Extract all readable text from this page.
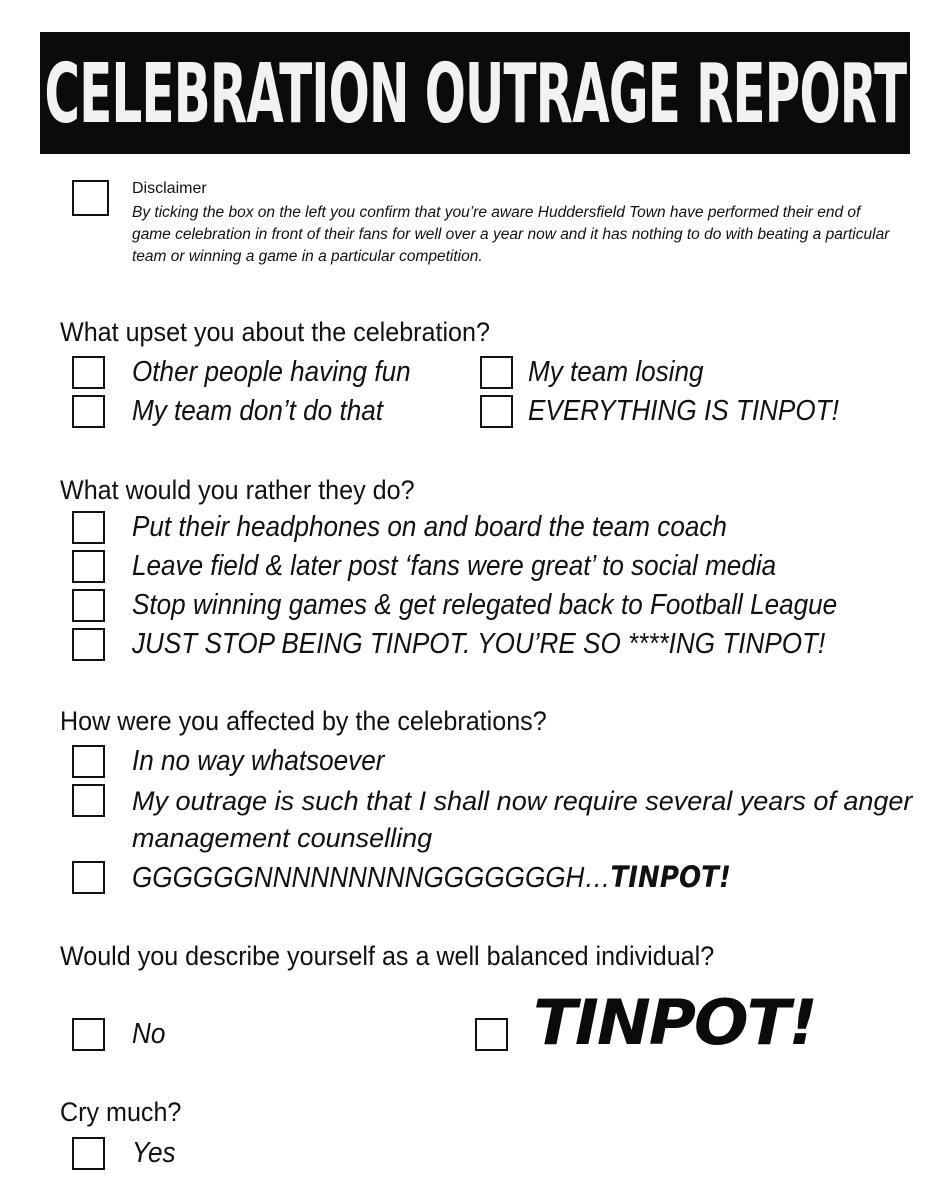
CELEBRATION OUTRAGE REPORT
Disclaimer
By ticking the box on the left you confirm that you’re aware Huddersfield Town have performed their end of game celebration in front of their fans for well over a year now and it has nothing to do with beating a particular team or winning a game in a particular competition.
What upset you about the celebration?
Other people having fun	My team losing
My team don’t do that	EVERYTHING IS TINPOT!
What would you rather they do?
Put their headphones on and board the team coach
Leave field & later post ‘fans were great’ to social media
Stop winning games & get relegated back to Football League
JUST STOP BEING TINPOT. YOU’RE SO ****ING TINPOT!
How were you affected by the celebrations?
In no way whatsoever
My outrage is such that I shall now require several years of anger management counselling
GGGGGGNNNNNNNNNGGGGGGGH…TINPOT!
Would you describe yourself as a well balanced individual?
No	TINPOT!
Cry much?
Yes
